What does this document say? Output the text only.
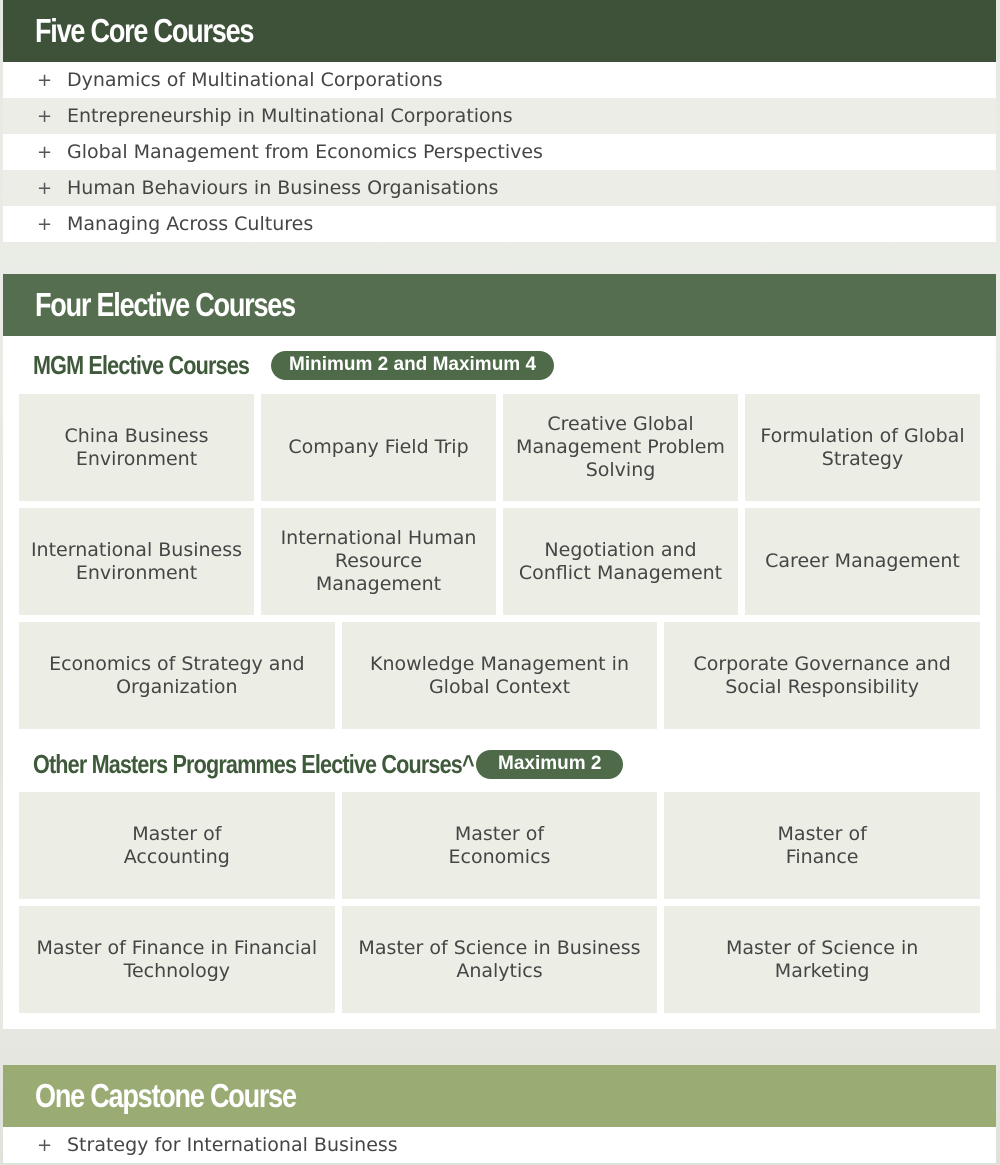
Five Core Courses
+ Dynamics of Multinational Corporations
+ Entrepreneurship in Multinational Corporations
+ Global Management from Economics Perspectives
+ Human Behaviours in Business Organisations
+ Managing Across Cultures
Four Elective Courses
MGM Elective Courses	Minimum 2 and Maximum 4
China Business Environment
Company Field Trip
Creative Global Management Problem Solving
Formulation of Global Strategy
International Business Environment
International Human Resource Management
Negotiation and Conflict Management
Career Management
Economics of Strategy and Organization
Knowledge Management in Global Context
Corporate Governance and Social Responsibility
Other Masters Programmes Elective Courses^	Maximum 2
Master of Accounting
Master of Economics
Master of Finance
Master of Finance in Financial Technology
Master of Science in Business Analytics
Master of Science in Marketing
One Capstone Course
+ Strategy for International Business
